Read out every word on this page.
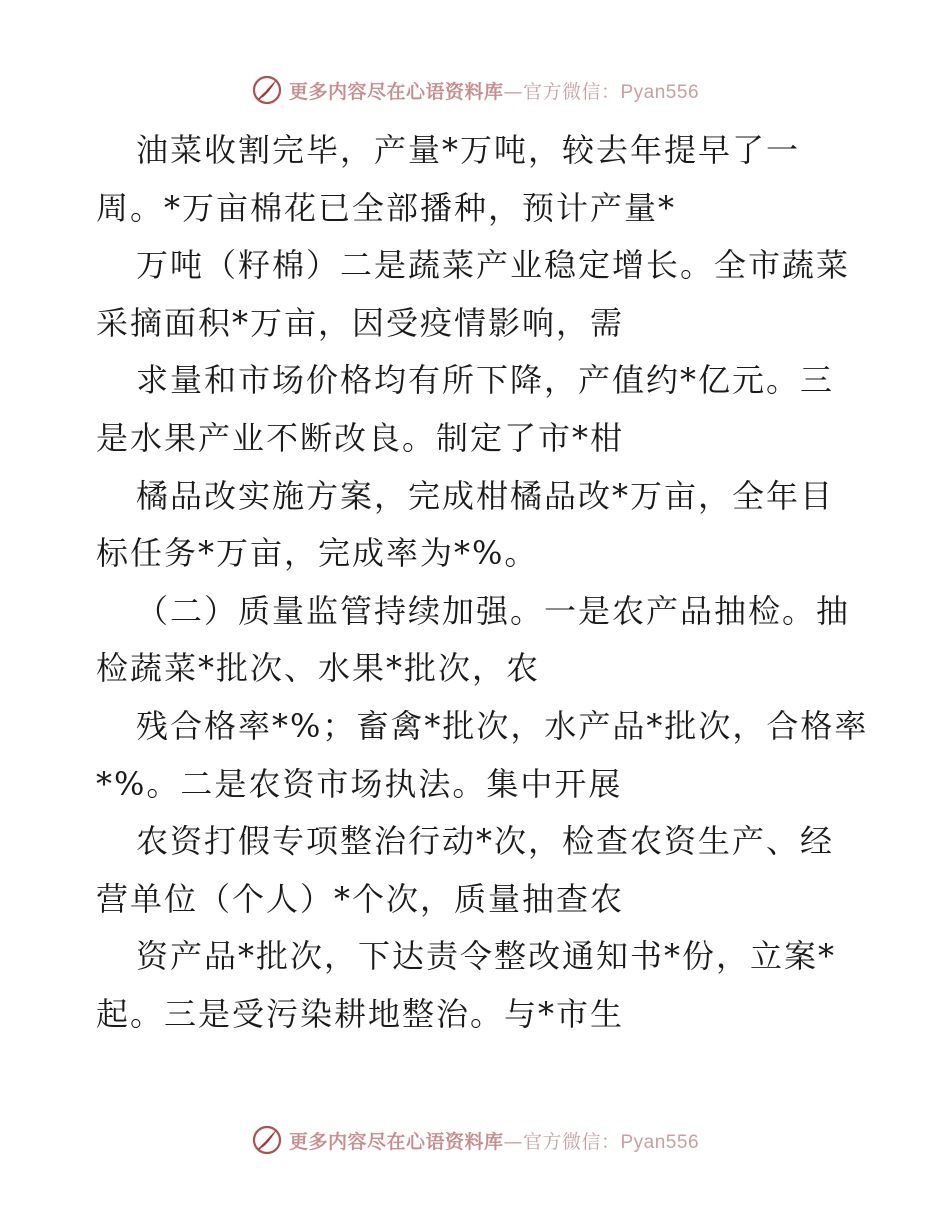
更多内容尽在心语资料库—官方微信：Pyan556
油菜收割完毕，产量*万吨，较去年提早了一
周。*万亩棉花已全部播种，预计产量*
万吨（籽棉）二是蔬菜产业稳定增长。全市蔬菜
采摘面积*万亩，因受疫情影响，需
求量和市场价格均有所下降，产值约*亿元。三
是水果产业不断改良。制定了市*柑
橘品改实施方案，完成柑橘品改*万亩，全年目
标任务*万亩，完成率为*%。
（二）质量监管持续加强。一是农产品抽检。抽
检蔬菜*批次、水果*批次，农
残合格率*%；畜禽*批次，水产品*批次，合格率
*%。二是农资市场执法。集中开展
农资打假专项整治行动*次，检查农资生产、经
营单位（个人）*个次，质量抽查农
资产品*批次，下达责令整改通知书*份，立案*
起。三是受污染耕地整治。与*市生
更多内容尽在心语资料库—官方微信：Pyan556
